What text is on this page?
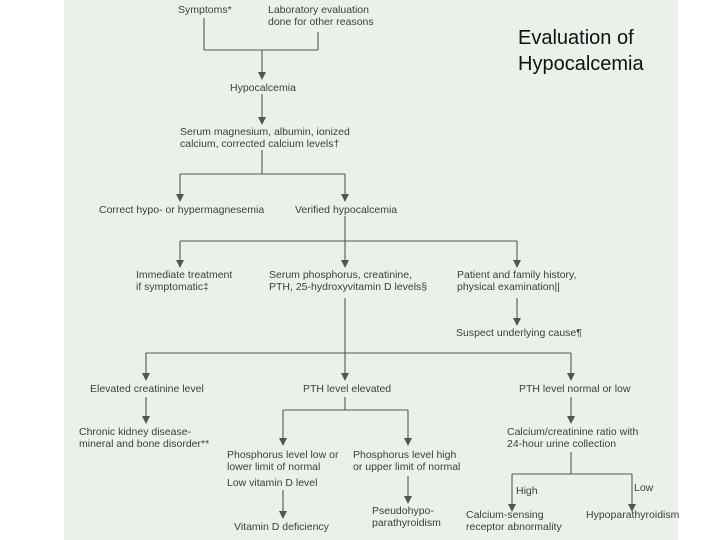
Evaluation of
Hypocalcemia
Symptoms*	Laboratory evaluation
done for other reasons
Hypocalcemia
Serum magnesium, albumin, ionized
calcium, corrected calcium levels†
Correct hypo- or hypermagnesemia	Verified hypocalcemia
Immediate treatment
if symptomatic‡
Serum phosphorus, creatinine,
PTH, 25-hydroxyvitamin D levels§
Patient and family history,
physical examination||
Suspect underlying cause¶
Elevated creatinine level	PTH level elevated	PTH level normal or low
Chronic kidney disease-
mineral and bone disorder**
Phosphorus level low or
lower limit of normal
Phosphorus level high
or upper limit of normal
Calcium/creatinine ratio with
24-hour urine collection
Low vitamin D level
High	Low
Pseudohypo-
parathyroidism
Vitamin D deficiency
Calcium-sensing
receptor abnormality
Hypoparathyroidism
